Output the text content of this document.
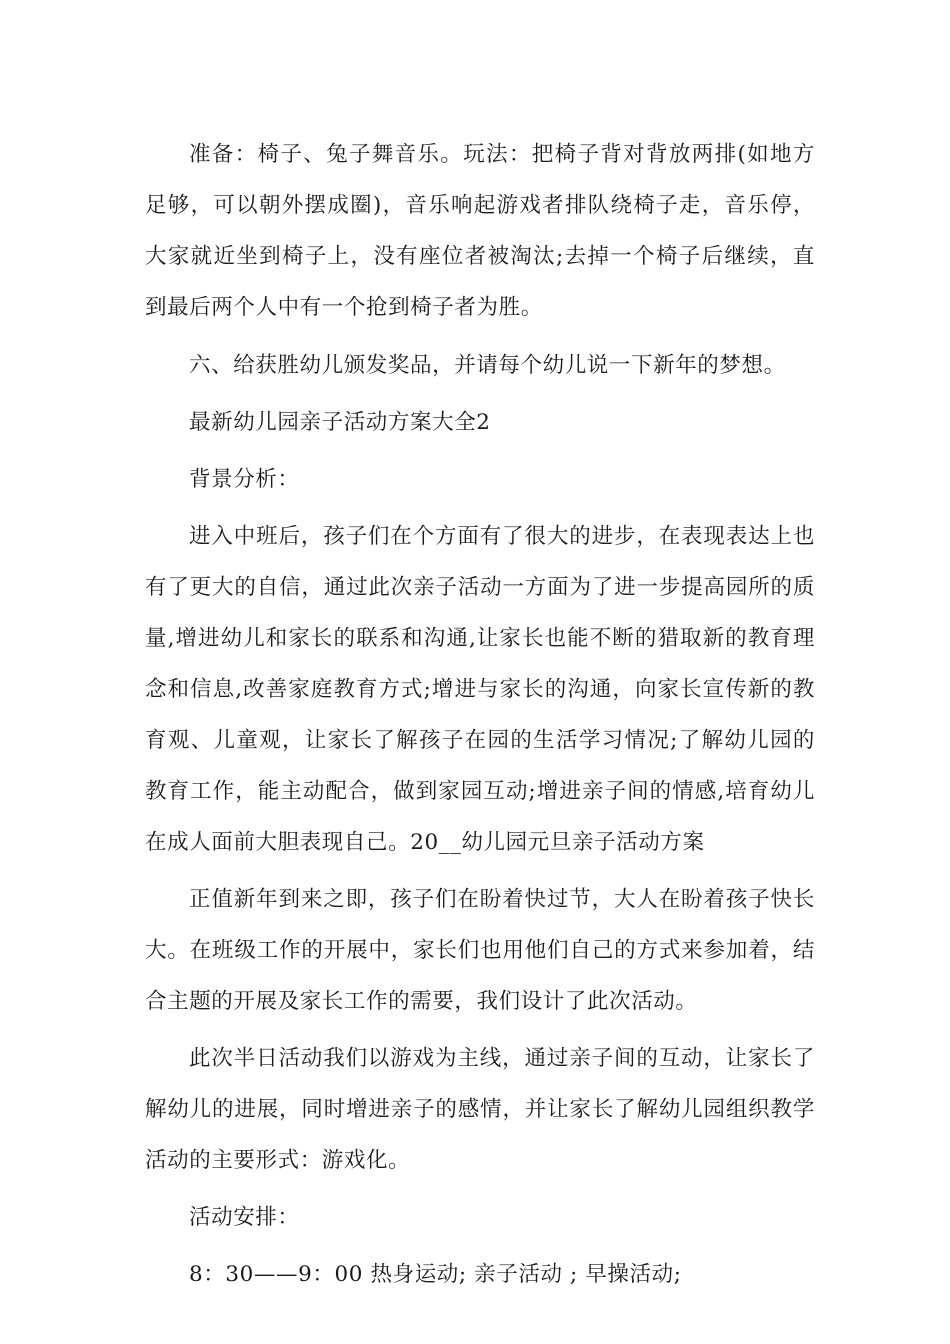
准备：椅子、兔子舞音乐。玩法：把椅子背对背放两排(如地方足够，可以朝外摆成圈)，音乐响起游戏者排队绕椅子走，音乐停，大家就近坐到椅子上，没有座位者被淘汰;去掉一个椅子后继续，直到最后两个人中有一个抢到椅子者为胜。

六、给获胜幼儿颁发奖品，并请每个幼儿说一下新年的梦想。

最新幼儿园亲子活动方案大全2

背景分析：

进入中班后，孩子们在个方面有了很大的进步，在表现表达上也有了更大的自信，通过此次亲子活动一方面为了进一步提高园所的质量,增进幼儿和家长的联系和沟通,让家长也能不断的猎取新的教育理念和信息,改善家庭教育方式;增进与家长的沟通，向家长宣传新的教育观、儿童观，让家长了解孩子在园的生活学习情况;了解幼儿园的教育工作，能主动配合，做到家园互动;增进亲子间的情感,培育幼儿在成人面前大胆表现自己。20__幼儿园元旦亲子活动方案

正值新年到来之即，孩子们在盼着快过节，大人在盼着孩子快长大。在班级工作的开展中，家长们也用他们自己的方式来参加着，结合主题的开展及家长工作的需要，我们设计了此次活动。

此次半日活动我们以游戏为主线，通过亲子间的互动，让家长了解幼儿的进展，同时增进亲子的感情，并让家长了解幼儿园组织教学活动的主要形式：游戏化。

活动安排：

8：30——9：00 热身运动; 亲子活动 ; 早操活动;
